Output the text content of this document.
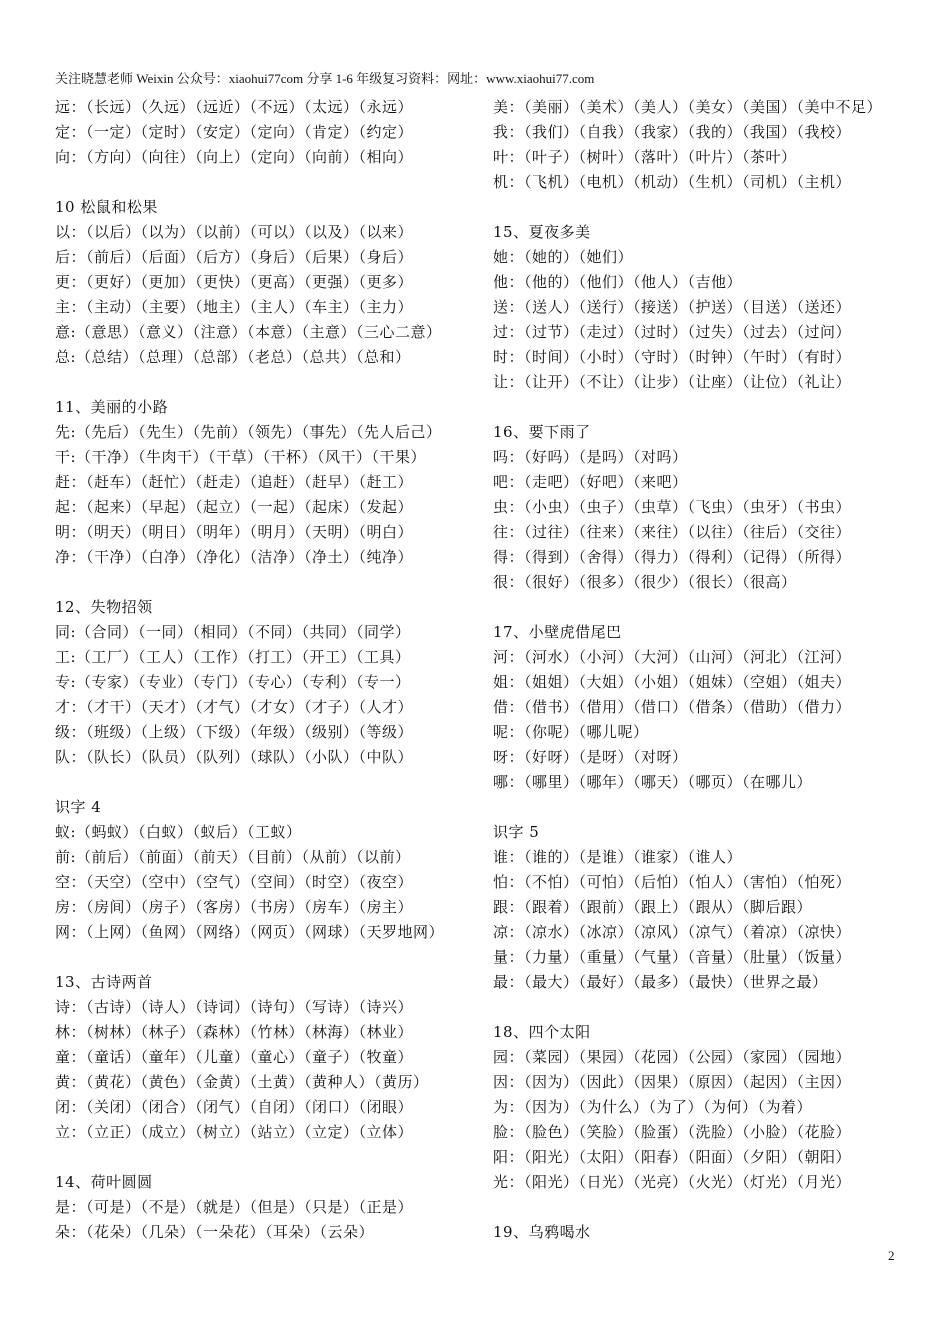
关注晓慧老师 Weixin 公众号：xiaohui77com 分享 1-6 年级复习资料：网址：www.xiaohui77.com
远：（长远）（久远）（远近）（不远）（太远）（永远）
定：（一定）（定时）（安定）（定向）（肯定）（约定）
向：（方向）（向往）（向上）（定向）（向前）（相向）
10 松鼠和松果
以：（以后）（以为）（以前）（可以）（以及）（以来）
后：（前后）（后面）（后方）（身后）（后果）（身后）
更：（更好）（更加）（更快）（更高）（更强）（更多）
主：（主动）（主要）（地主）（主人）（车主）（主力）
意:（意思）（意义）（注意）（本意）（主意）（三心二意）
总:（总结）（总理）（总部）（老总）（总共）（总和）
11、美丽的小路
先:（先后）（先生）（先前）（领先）（事先）（先人后己）
干:（干净）（牛肉干）（干草）（干杯）（风干）（干果）
赶：（赶车）（赶忙）（赶走）（追赶）（赶早）（赶工）
起：（起来）（早起）（起立）（一起）（起床）（发起）
明：（明天）（明日）（明年）（明月）（天明）（明白）
净：（干净）（白净）（净化）（洁净）（净土）（纯净）
12、失物招领
同:（合同）（一同）（相同）（不同）（共同）（同学）
工:（工厂）（工人）（工作）（打工）（开工）（工具）
专:（专家）（专业）（专门）（专心）（专利）（专一）
才：（才干）（天才）（才气）（才女）（才子）（人才）
级：（班级）（上级）（下级）（年级）（级别）（等级）
队：（队长）（队员）（队列）（球队）（小队）（中队）
识字 4
蚁:（蚂蚁）（白蚁）（蚁后）（工蚁）
前:（前后）（前面）（前天）（目前）（从前）（以前）
空：（天空）（空中）（空气）（空间）（时空）（夜空）
房：（房间）（房子）（客房）（书房）（房车）（房主）
网：（上网）（鱼网）（网络）（网页）（网球）（天罗地网）
13、古诗两首
诗：（古诗）（诗人）（诗词）（诗句）（写诗）（诗兴）
林：（树林）（林子）（森林）（竹林）（林海）（林业）
童：（童话）（童年）（儿童）（童心）（童子）（牧童）
黄：（黄花）（黄色）（金黄）（土黄）（黄种人）（黄历）
闭：（关闭）（闭合）（闭气）（自闭）（闭口）（闭眼）
立：（立正）（成立）（树立）（站立）（立定）（立体）
14、荷叶圆圆
是：（可是）（不是）（就是）（但是）（只是）（正是）
朵：（花朵）（几朵）（一朵花）（耳朵）（云朵）
美：（美丽）（美术）（美人）（美女）（美国）（美中不足）
我：（我们）（自我）（我家）（我的）（我国）（我校）
叶：（叶子）（树叶）（落叶）（叶片）（茶叶）
机：（飞机）（电机）（机动）（生机）（司机）（主机）
15、夏夜多美
她：（她的）（她们）
他：（他的）（他们）（他人）（吉他）
送：（送人）（送行）（接送）（护送）（目送）（送还）
过：（过节）（走过）（过时）（过失）（过去）（过问）
时：（时间）（小时）（守时）（时钟）（午时）（有时）
让：（让开）（不让）（让步）（让座）（让位）（礼让）
16、要下雨了
吗：（好吗）（是吗）（对吗）
吧：（走吧）（好吧）（来吧）
虫：（小虫）（虫子）（虫草）（飞虫）（虫牙）（书虫）
往：（过往）（往来）（来往）（以往）（往后）（交往）
得：（得到）（舍得）（得力）（得利）（记得）（所得）
很：（很好）（很多）（很少）（很长）（很高）
17、小壁虎借尾巴
河：（河水）（小河）（大河）（山河）（河北）（江河）
姐：（姐姐）（大姐）（小姐）（姐妹）（空姐）（姐夫）
借：（借书）（借用）（借口）（借条）（借助）（借力）
呢：（你呢）（哪儿呢）
呀：（好呀）（是呀）（对呀）
哪：（哪里）（哪年）（哪天）（哪页）（在哪儿）
识字 5
谁：（谁的）（是谁）（谁家）（谁人）
怕：（不怕）（可怕）（后怕）（怕人）（害怕）（怕死）
跟：（跟着）（跟前）（跟上）（跟从）（脚后跟）
凉：（凉水）（冰凉）（凉风）（凉气）（着凉）（凉快）
量：（力量）（重量）（气量）（音量）（肚量）（饭量）
最：（最大）（最好）（最多）（最快）（世界之最）
18、四个太阳
园：（菜园）（果园）（花园）（公园）（家园）（园地）
因：（因为）（因此）（因果）（原因）（起因）（主因）
为：（因为）（为什么）（为了）（为何）（为着）
脸：（脸色）（笑脸）（脸蛋）（洗脸）（小脸）（花脸）
阳：（阳光）（太阳）（阳春）（阳面）（夕阳）（朝阳）
光：（阳光）（日光）（光亮）（火光）（灯光）（月光）
19、乌鸦喝水
2
